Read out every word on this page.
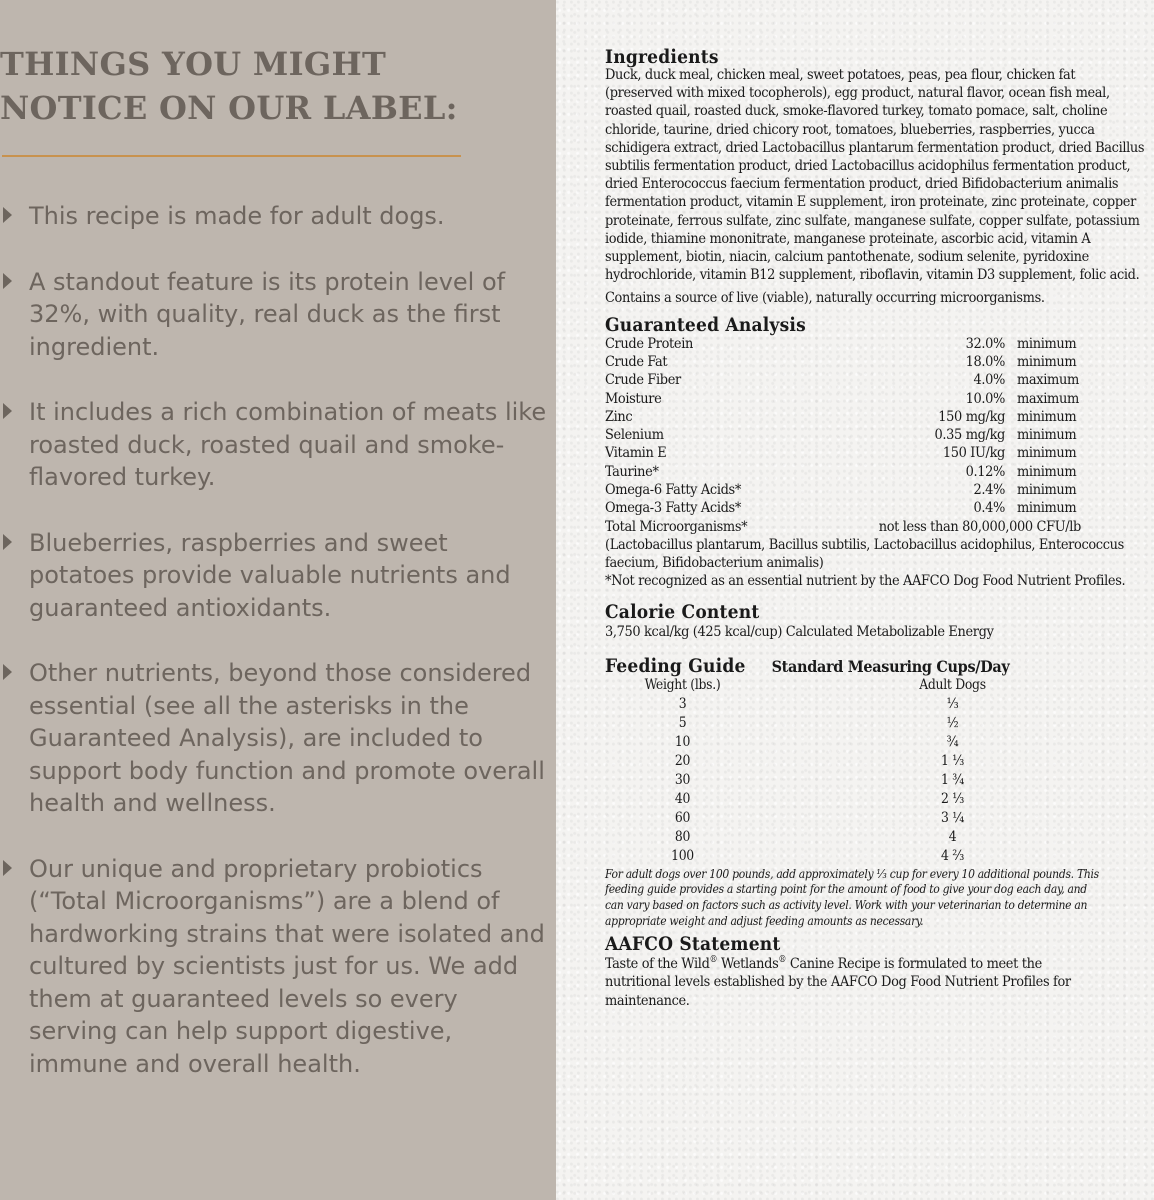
THINGS YOU MIGHT
NOTICE ON OUR LABEL:
This recipe is made for adult dogs.
A standout feature is its protein level of 32%, with quality, real duck as the first ingredient.
It includes a rich combination of meats like roasted duck, roasted quail and smoke-flavored turkey.
Blueberries, raspberries and sweet potatoes provide valuable nutrients and guaranteed antioxidants.
Other nutrients, beyond those considered essential (see all the asterisks in the Guaranteed Analysis), are included to support body function and promote overall health and wellness.
Our unique and proprietary probiotics (“Total Microorganisms”) are a blend of hardworking strains that were isolated and cultured by scientists just for us. We add them at guaranteed levels so every serving can help support digestive, immune and overall health.
Ingredients

Duck, duck meal, chicken meal, sweet potatoes, peas, pea flour, chicken fat (preserved with mixed tocopherols), egg product, natural flavor, ocean fish meal, roasted quail, roasted duck, smoke-flavored turkey, tomato pomace, salt, choline chloride, taurine, dried chicory root, tomatoes, blueberries, raspberries, yucca schidigera extract, dried Lactobacillus plantarum fermentation product, dried Bacillus subtilis fermentation product, dried Lactobacillus acidophilus fermentation product, dried Enterococcus faecium fermentation product, dried Bifidobacterium animalis fermentation product, vitamin E supplement, iron proteinate, zinc proteinate, copper proteinate, ferrous sulfate, zinc sulfate, manganese sulfate, copper sulfate, potassium iodide, thiamine mononitrate, manganese proteinate, ascorbic acid, vitamin A supplement, biotin, niacin, calcium pantothenate, sodium selenite, pyridoxine hydrochloride, vitamin B12 supplement, riboflavin, vitamin D3 supplement, folic acid.

Contains a source of live (viable), naturally occurring microorganisms.

Guaranteed Analysis
Crude Protein	32.0%	minimum
Crude Fat	18.0%	minimum
Crude Fiber	4.0%	maximum
Moisture	10.0%	maximum
Zinc	150 mg/kg	minimum
Selenium	0.35 mg/kg	minimum
Vitamin E	150 IU/kg	minimum
Taurine*	0.12%	minimum
Omega-6 Fatty Acids*	2.4%	minimum
Omega-3 Fatty Acids*	0.4%	minimum
Total Microorganisms*	not less than 80,000,000 CFU/lb	

(Lactobacillus plantarum, Bacillus subtilis, Lactobacillus acidophilus, Enterococcus faecium, Bifidobacterium animalis)

*Not recognized as an essential nutrient by the AAFCO Dog Food Nutrient Profiles.

Calorie Content

3,750 kcal/kg (425 kcal/cup) Calculated Metabolizable Energy

Feeding Guide Standard Measuring Cups/Day
Weight (lbs.)	Adult Dogs
3	⅓
5	½
10	¾
20	1 ⅓
30	1 ¾
40	2 ⅓
60	3 ¼
80	4
100	4 ⅔

For adult dogs over 100 pounds, add approximately ⅓ cup for every 10 additional pounds. This feeding guide provides a starting point for the amount of food to give your dog each day, and can vary based on factors such as activity level. Work with your veterinarian to determine an appropriate weight and adjust feeding amounts as necessary.

AAFCO Statement

Taste of the Wild® Wetlands® Canine Recipe is formulated to meet the nutritional levels established by the AAFCO Dog Food Nutrient Profiles for maintenance.
